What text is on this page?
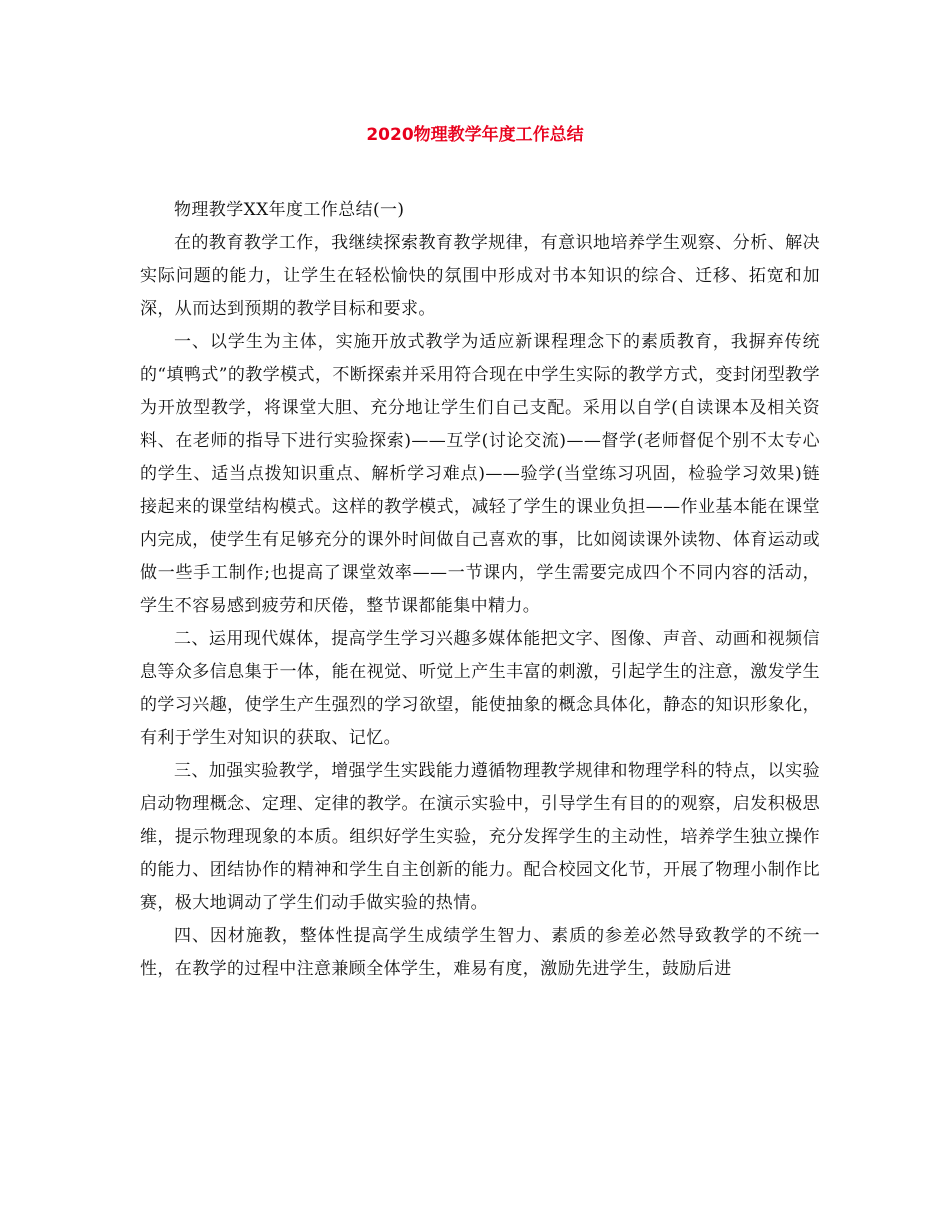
2020物理教学年度工作总结

物理教学XX年度工作总结(一)

在的教育教学工作，我继续探索教育教学规律，有意识地培养学生观察、分析、解决实际问题的能力，让学生在轻松愉快的氛围中形成对书本知识的综合、迁移、拓宽和加深，从而达到预期的教学目标和要求。

一、以学生为主体，实施开放式教学为适应新课程理念下的素质教育，我摒弃传统的“填鸭式”的教学模式，不断探索并采用符合现在中学生实际的教学方式，变封闭型教学为开放型教学，将课堂大胆、充分地让学生们自己支配。采用以自学(自读课本及相关资料、在老师的指导下进行实验探索)——互学(讨论交流)——督学(老师督促个别不太专心的学生、适当点拨知识重点、解析学习难点)——验学(当堂练习巩固，检验学习效果)链接起来的课堂结构模式。这样的教学模式，减轻了学生的课业负担——作业基本能在课堂内完成，使学生有足够充分的课外时间做自己喜欢的事，比如阅读课外读物、体育运动或做一些手工制作;也提高了课堂效率——一节课内，学生需要完成四个不同内容的活动，学生不容易感到疲劳和厌倦，整节课都能集中精力。

二、运用现代媒体，提高学生学习兴趣多媒体能把文字、图像、声音、动画和视频信息等众多信息集于一体，能在视觉、听觉上产生丰富的刺激，引起学生的注意，激发学生的学习兴趣，使学生产生强烈的学习欲望，能使抽象的概念具体化，静态的知识形象化，有利于学生对知识的获取、记忆。

三、加强实验教学，增强学生实践能力遵循物理教学规律和物理学科的特点，以实验启动物理概念、定理、定律的教学。在演示实验中，引导学生有目的的观察，启发积极思维，提示物理现象的本质。组织好学生实验，充分发挥学生的主动性，培养学生独立操作的能力、团结协作的精神和学生自主创新的能力。配合校园文化节，开展了物理小制作比赛，极大地调动了学生们动手做实验的热情。

四、因材施教，整体性提高学生成绩学生智力、素质的参差必然导致教学的不统一性，在教学的过程中注意兼顾全体学生，难易有度，激励先进学生，鼓励后进
